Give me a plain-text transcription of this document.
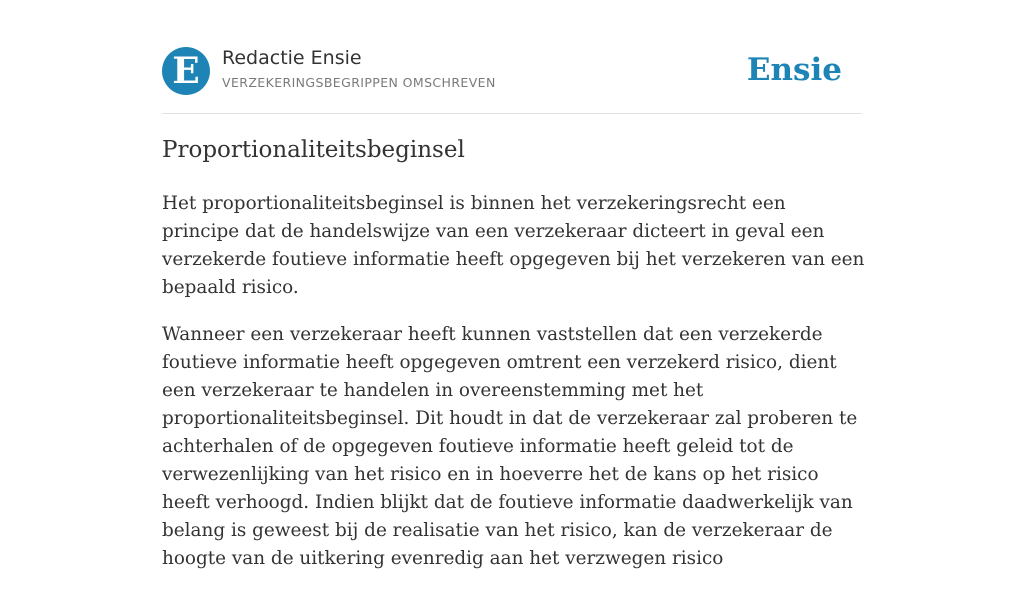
E	Redactie Ensie
VERZEKERINGSBEGRIPPEN OMSCHREVEN	Ensie
Proportionaliteitsbeginsel

Het proportionaliteitsbeginsel is binnen het verzekeringsrecht een principe dat de handelswijze van een verzekeraar dicteert in geval een verzekerde foutieve informatie heeft opgegeven bij het verzekeren van een bepaald risico.

Wanneer een verzekeraar heeft kunnen vaststellen dat een verzekerde foutieve informatie heeft opgegeven omtrent een verzekerd risico, dient een verzekeraar te handelen in overeenstemming met het proportionaliteitsbeginsel. Dit houdt in dat de verzekeraar zal proberen te achterhalen of de opgegeven foutieve informatie heeft geleid tot de verwezenlijking van het risico en in hoeverre het de kans op het risico heeft verhoogd. Indien blijkt dat de foutieve informatie daadwerkelijk van belang is geweest bij de realisatie van het risico, kan de verzekeraar de hoogte van de uitkering evenredig aan het verzwegen risico
